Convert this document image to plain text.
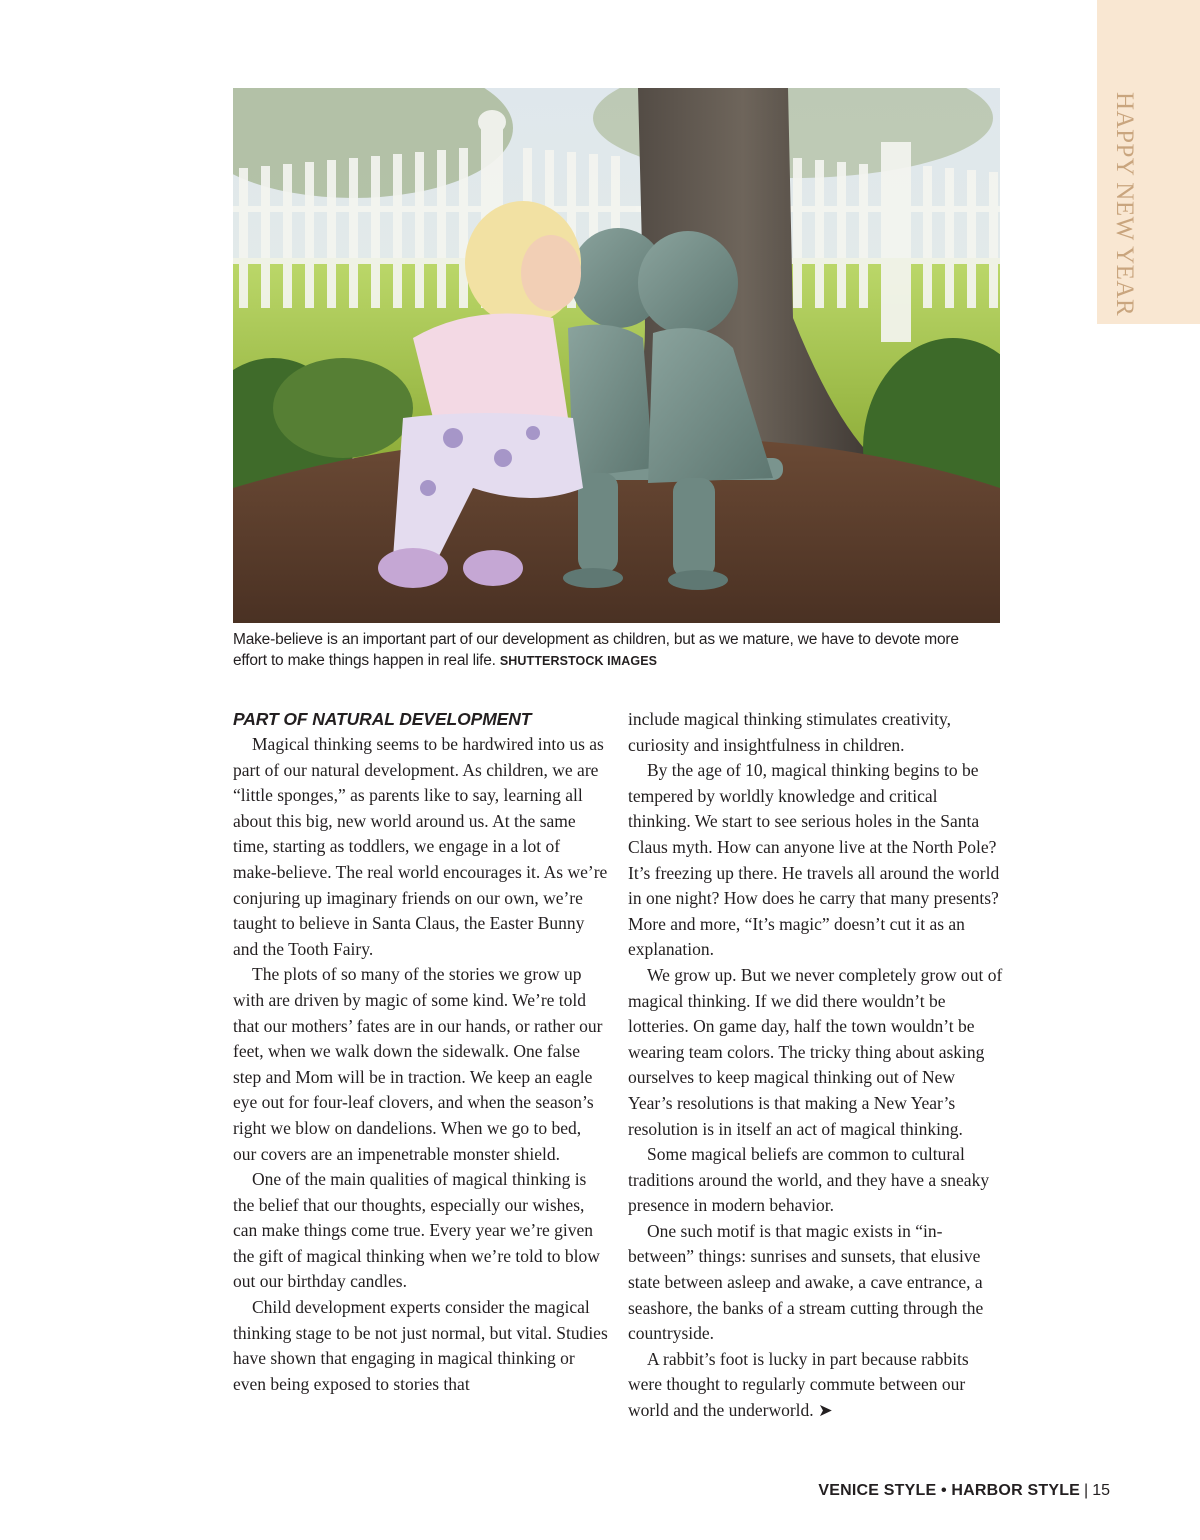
HAPPY NEW YEAR
Make-believe is an important part of our development as children, but as we mature, we have to devote more effort to make things happen in real life. SHUTTERSTOCK IMAGES
PART OF NATURAL DEVELOPMENT

Magical thinking seems to be hardwired into us as part of our natural development. As children, we are “little sponges,” as parents like to say, learning all about this big, new world around us. At the same time, starting as toddlers, we engage in a lot of make-believe. The real world encourages it. As we’re conjuring up imaginary friends on our own, we’re taught to believe in Santa Claus, the Easter Bunny and the Tooth Fairy.

The plots of so many of the stories we grow up with are driven by magic of some kind. We’re told that our mothers’ fates are in our hands, or rather our feet, when we walk down the sidewalk. One false step and Mom will be in traction. We keep an eagle eye out for four-leaf clovers, and when the season’s right we blow on dandelions. When we go to bed, our covers are an impenetrable monster shield.

One of the main qualities of magical thinking is the belief that our thoughts, especially our wishes, can make things come true. Every year we’re given the gift of magical thinking when we’re told to blow out our birthday candles.

Child development experts consider the magical thinking stage to be not just normal, but vital. Studies have shown that engaging in magical thinking or even being exposed to stories that

include magical thinking stimulates creativity, curiosity and insightfulness in children.

By the age of 10, magical thinking begins to be tempered by worldly knowledge and critical thinking. We start to see serious holes in the Santa Claus myth. How can anyone live at the North Pole? It’s freezing up there. He travels all around the world in one night? How does he carry that many presents? More and more, “It’s magic” doesn’t cut it as an explanation.

We grow up. But we never completely grow out of magical thinking. If we did there wouldn’t be lotteries. On game day, half the town wouldn’t be wearing team colors. The tricky thing about asking ourselves to keep magical thinking out of New Year’s resolutions is that making a New Year’s resolution is in itself an act of magical thinking.

Some magical beliefs are common to cultural traditions around the world, and they have a sneaky presence in modern behavior.

One such motif is that magic exists in “in-between” things: sunrises and sunsets, that elusive state between asleep and awake, a cave entrance, a seashore, the banks of a stream cutting through the countryside.

A rabbit’s foot is lucky in part because rabbits were thought to regularly commute between our world and the underworld. ➤

VENICE STYLE • HARBOR STYLE | 15
